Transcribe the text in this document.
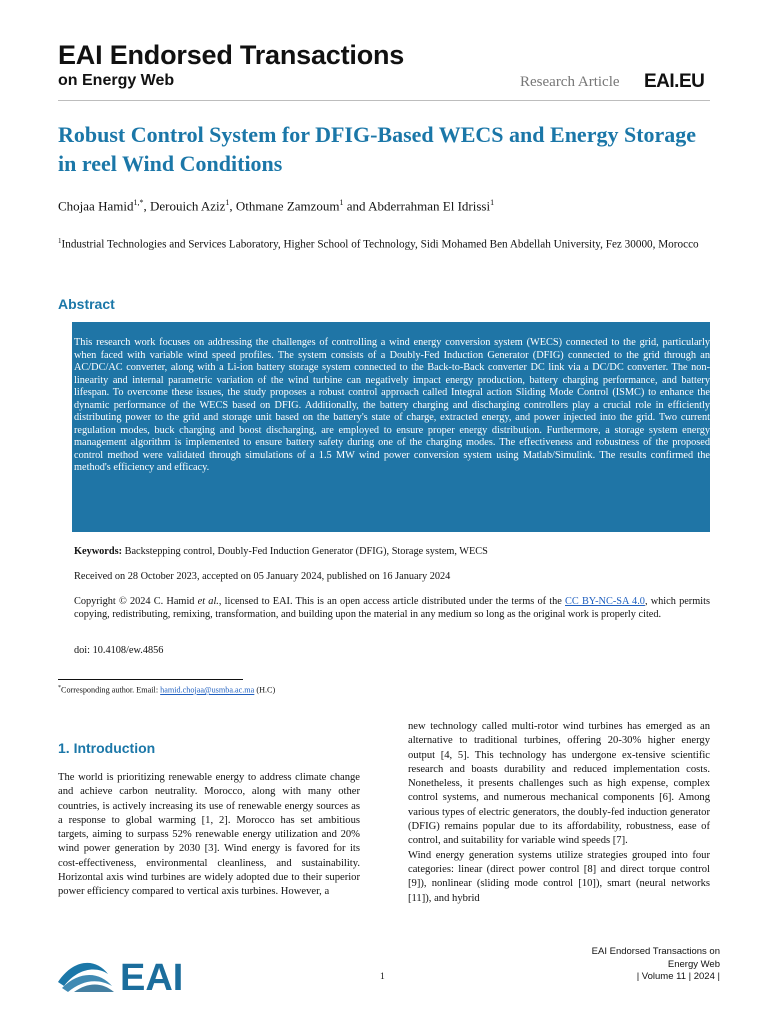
EAI Endorsed Transactions
on Energy Web	Research Article EAI.EU
Robust Control System for DFIG-Based WECS and Energy Storage in reel Wind Conditions
Chojaa Hamid$^{1,*}$, Derouich Aziz$^1$, Othmane Zamzoum$^1$ and Abderrahman El Idrissi$^1$
$^1$Industrial Technologies and Services Laboratory, Higher School of Technology, Sidi Mohamed Ben Abdellah University, Fez 30000, Morocco
Abstract
This research work focuses on addressing the challenges of controlling a wind energy conversion system (WECS) connected to the grid, particularly when faced with variable wind speed profiles. The system consists of a Doubly-Fed Induction Generator (DFIG) connected to the grid through an AC/DC/AC converter, along with a Li-ion battery storage system connected to the Back-to-Back converter DC link via a DC/DC converter. The non-linearity and internal parametric variation of the wind turbine can negatively impact energy production, battery charging performance, and battery lifespan. To overcome these issues, the study proposes a robust control approach called Integral action Sliding Mode Control (ISMC) to enhance the dynamic performance of the WECS based on DFIG. Additionally, the battery charging and discharging controllers play a crucial role in efficiently distributing power to the grid and storage unit based on the battery's state of charge, extracted energy, and power injected into the grid. Two current regulation modes, buck charging and boost discharging, are employed to ensure proper energy distribution. Furthermore, a storage system energy management algorithm is implemented to ensure battery safety during one of the charging modes. The effectiveness and robustness of the proposed control method were validated through simulations of a 1.5 MW wind power conversion system using Matlab/Simulink. The results confirmed the method's efficiency and efficacy.
Keywords: Backstepping control, Doubly-Fed Induction Generator (DFIG), Storage system, WECS
Received on 28 October 2023, accepted on 05 January 2024, published on 16 January 2024
Copyright © 2024 C. Hamid et al., licensed to EAI. This is an open access article distributed under the terms of the CC BY-NC-SA 4.0, which permits copying, redistributing, remixing, transformation, and building upon the material in any medium so long as the original work is properly cited.
doi: 10.4108/ew.4856
*Corresponding author. Email: hamid.chojaa@usmba.ac.ma (H.C)
1. Introduction
The world is prioritizing renewable energy to address climate change and achieve carbon neutrality. Morocco, along with many other countries, is actively increasing its use of renewable energy sources as a response to global warming [1, 2]. Morocco has set ambitious targets, aiming to surpass 52% renewable energy utilization and 20% wind power generation by 2030 [3]. Wind energy is favored for its cost-effectiveness, environmental cleanliness, and sustainability. Horizontal axis wind turbines are widely adopted due to their superior power efficiency compared to vertical axis turbines. However, a

new technology called multi-rotor wind turbines has emerged as an alternative to traditional turbines, offering 20-30% higher energy output [4, 5]. This technology has undergone ex-tensive scientific research and boasts durability and reduced implementation costs. Nonetheless, it presents challenges such as high expense, complex control systems, and numerous mechanical components [6]. Among various types of electric generators, the doubly-fed induction generator (DFIG) remains popular due to its affordability, robustness, ease of control, and suitability for variable wind speeds [7].

Wind energy generation systems utilize strategies grouped into four categories: linear (direct power control [8] and direct torque control [9]), nonlinear (sliding mode control [10]), smart (neural networks [11]), and hybrid

EAI	1
EAI Endorsed Transactions on
Energy Web
| Volume 11 | 2024 |
